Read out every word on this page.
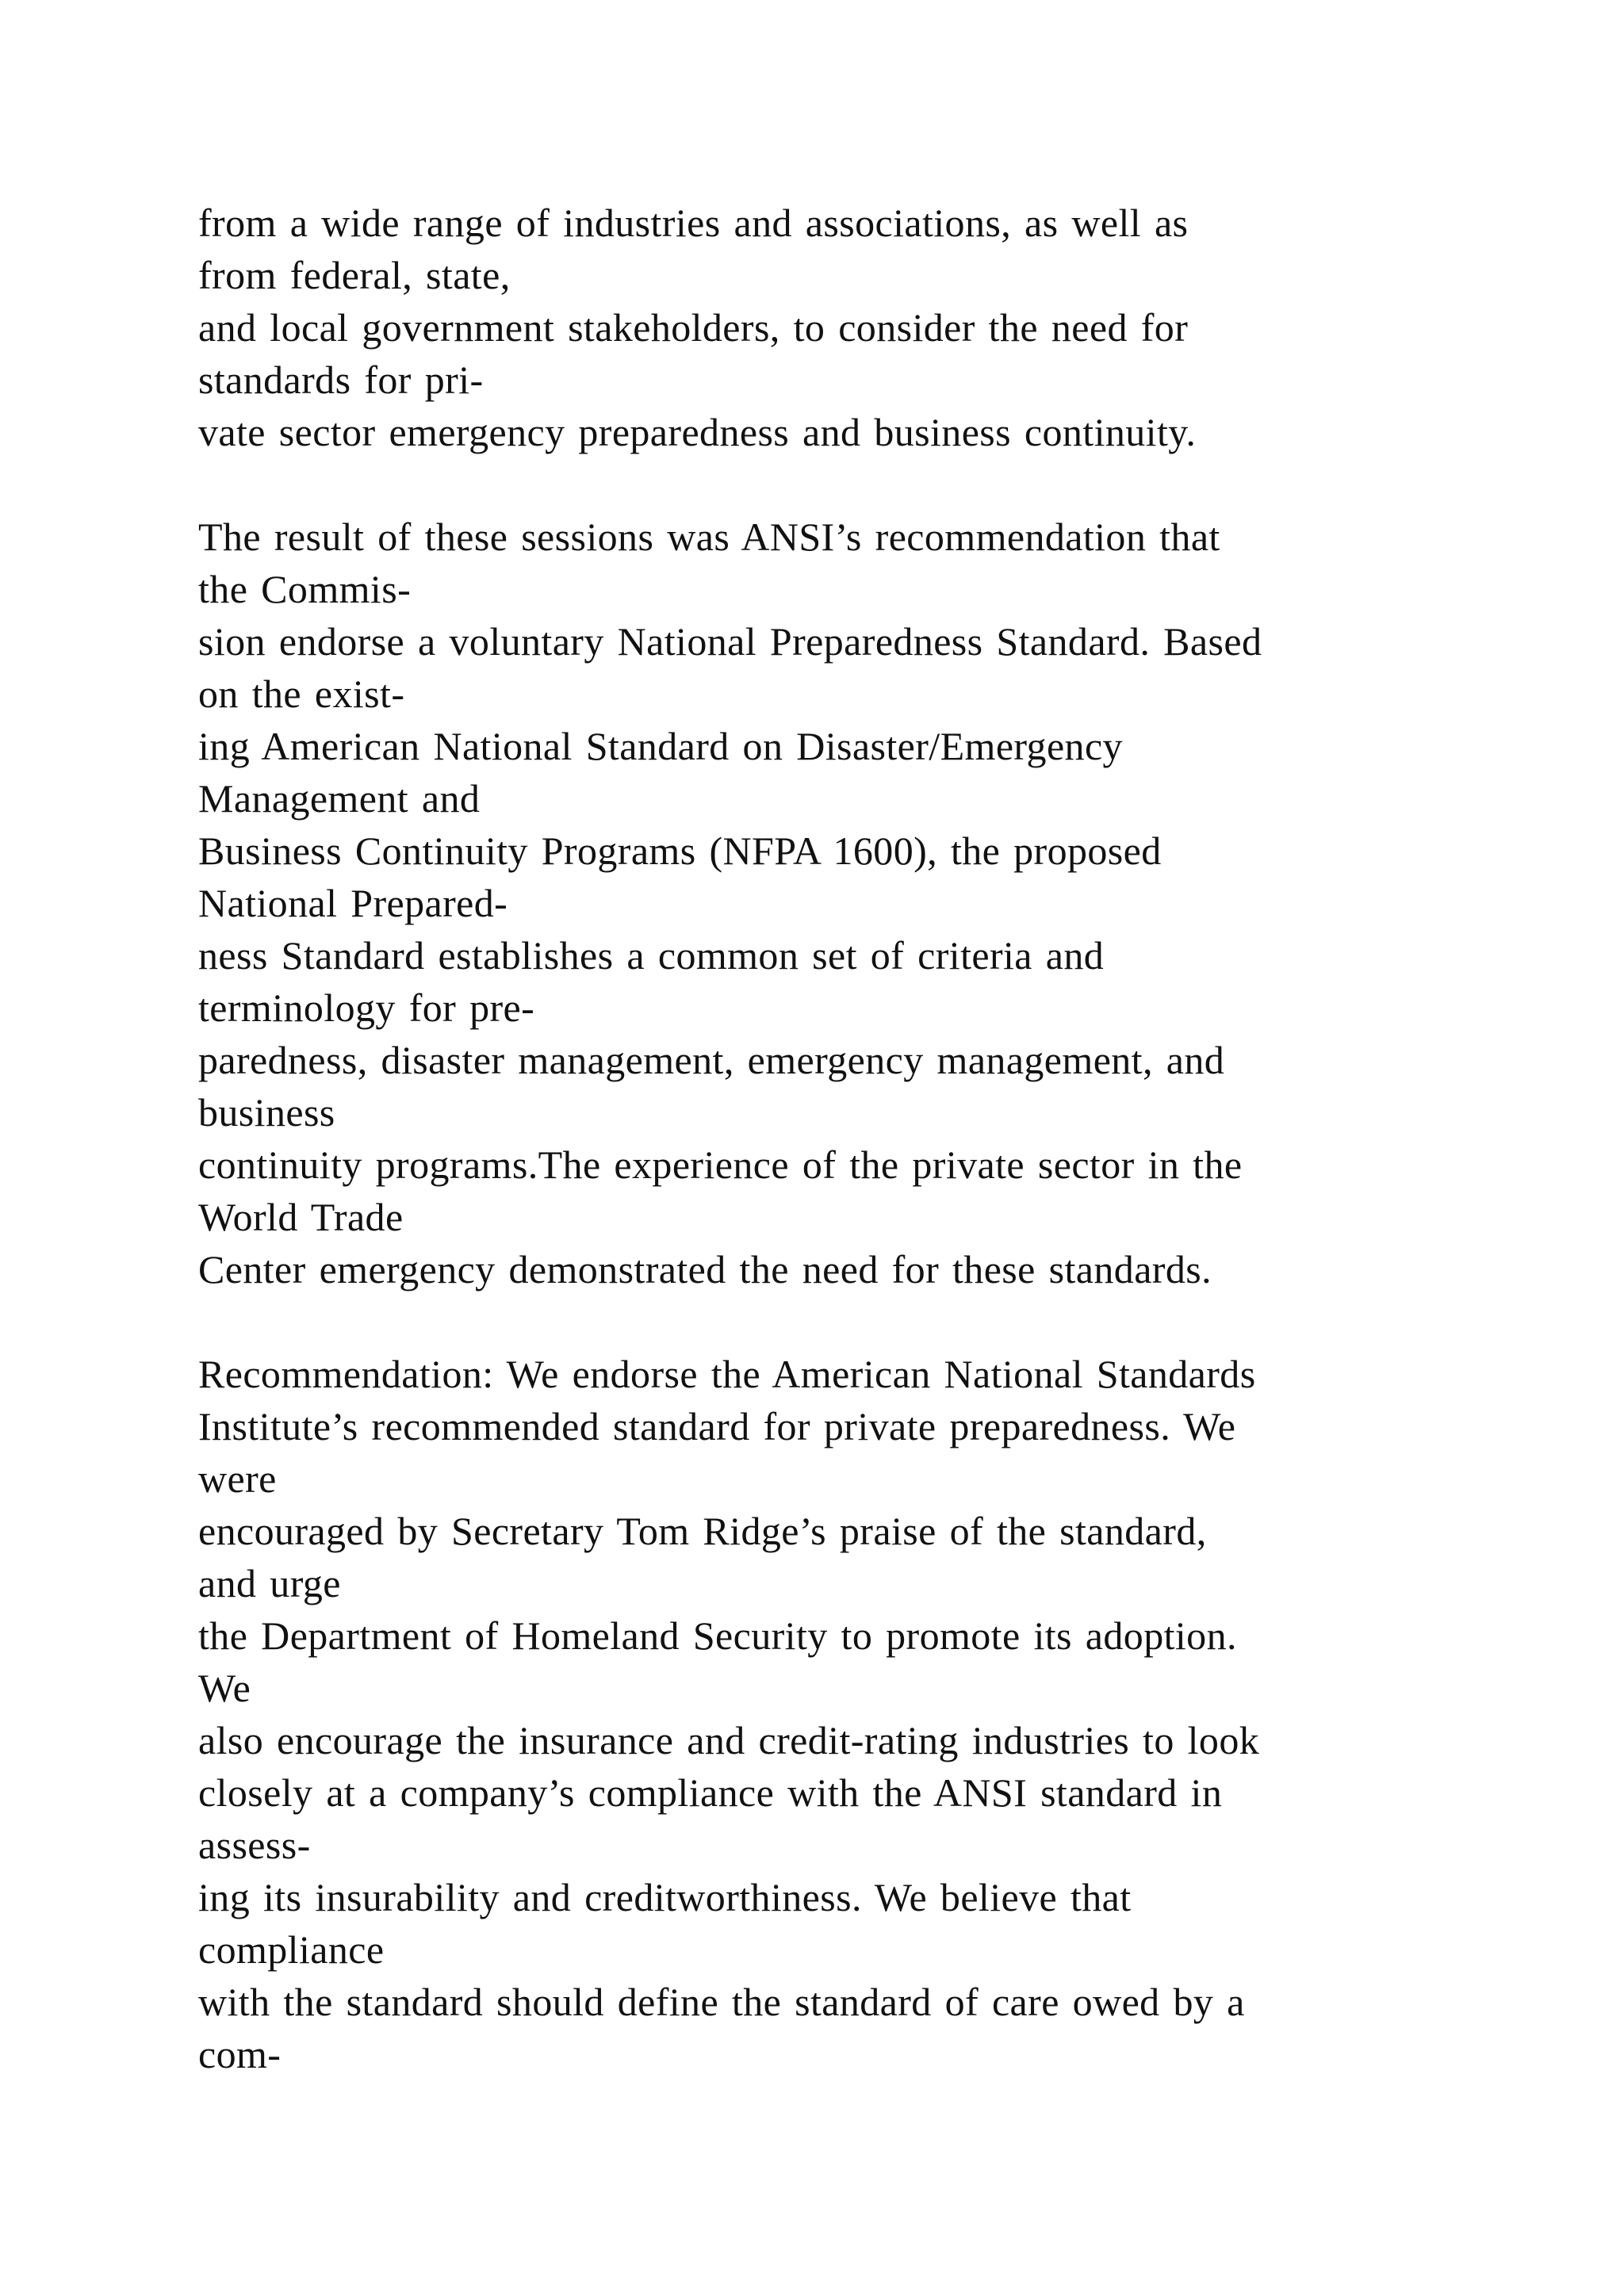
from a wide range of industries and associations, as well as
from federal, state,
and local government stakeholders, to consider the need for
standards for pri-
vate sector emergency preparedness and business continuity.
The result of these sessions was ANSI’s recommendation that
the Commis-
sion endorse a voluntary National Preparedness Standard. Based
on the exist-
ing American National Standard on Disaster/Emergency
Management and
Business Continuity Programs (NFPA 1600), the proposed
National Prepared-
ness Standard establishes a common set of criteria and
terminology for pre-
paredness, disaster management, emergency management, and
business
continuity programs.The experience of the private sector in the
World Trade
Center emergency demonstrated the need for these standards.
Recommendation: We endorse the American National Standards
Institute’s recommended standard for private preparedness. We
were
encouraged by Secretary Tom Ridge’s praise of the standard,
and urge
the Department of Homeland Security to promote its adoption.
We
also encourage the insurance and credit-rating industries to look
closely at a company’s compliance with the ANSI standard in
assess-
ing its insurability and creditworthiness. We believe that
compliance
with the standard should define the standard of care owed by a
com-
